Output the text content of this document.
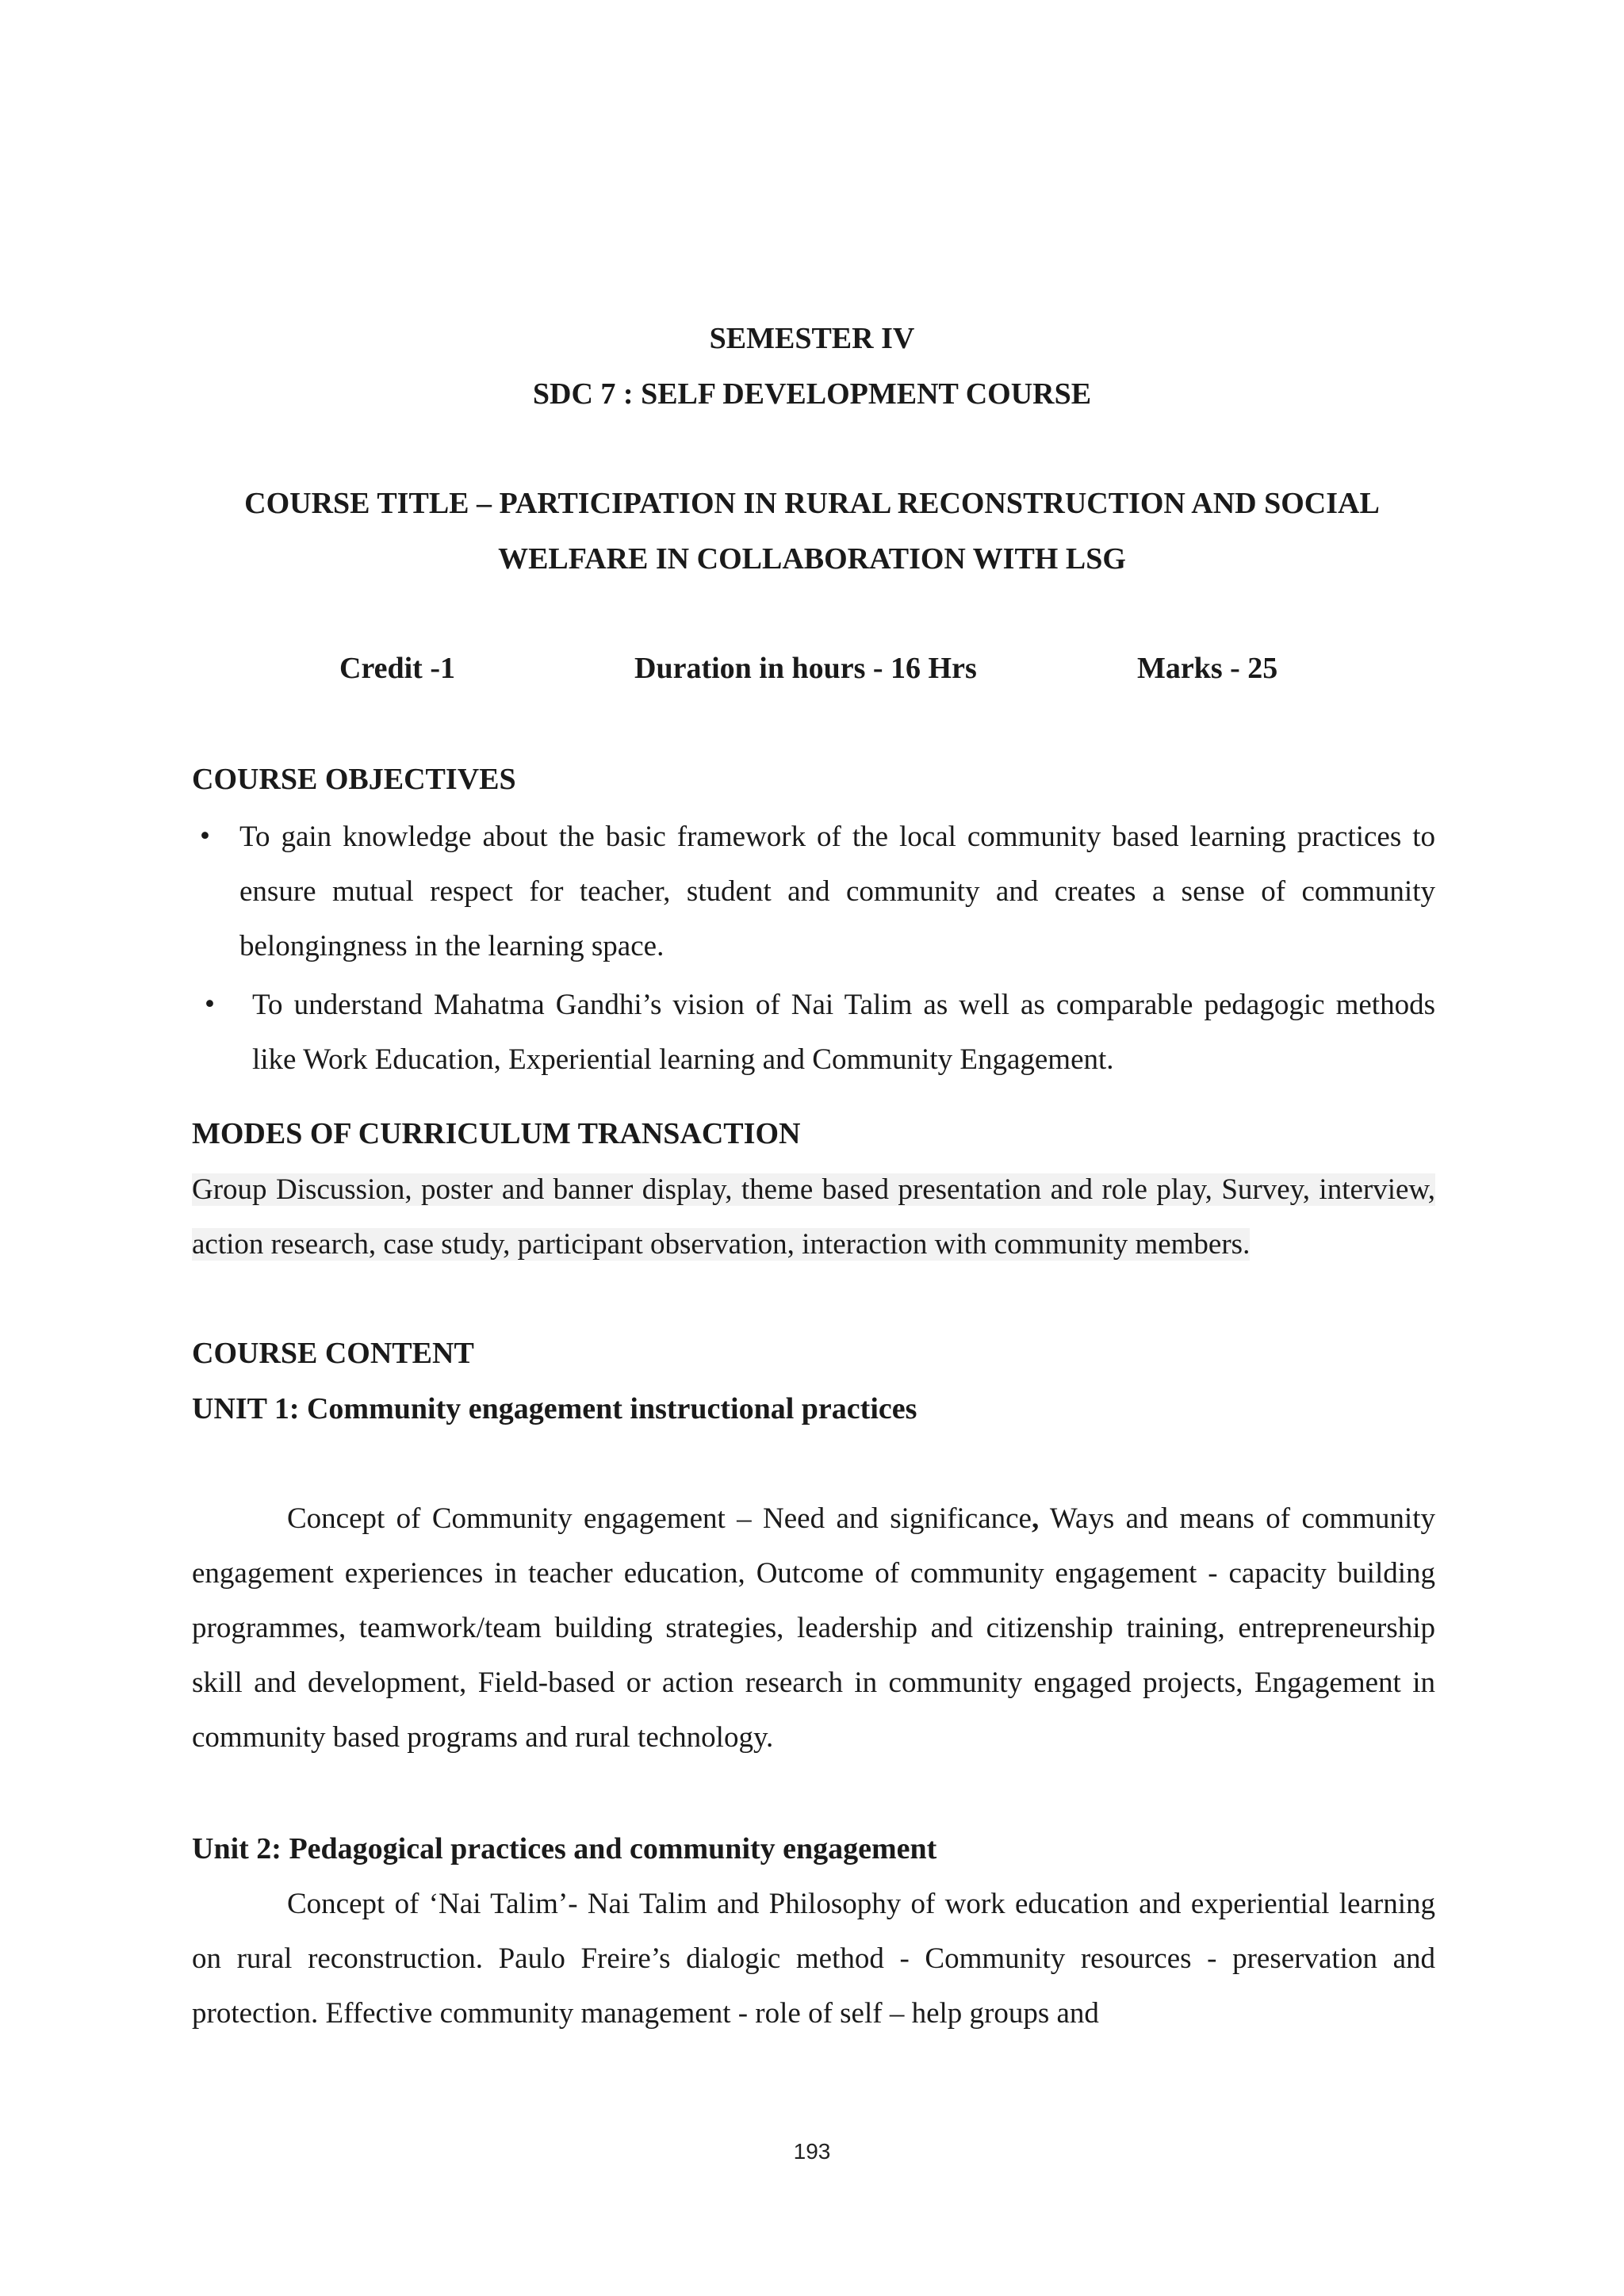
SEMESTER IV
SDC 7 : SELF DEVELOPMENT COURSE
COURSE TITLE – PARTICIPATION IN RURAL RECONSTRUCTION AND SOCIAL
WELFARE IN COLLABORATION WITH LSG
Credit -1	Duration in hours - 16 Hrs	Marks - 25
COURSE OBJECTIVES
• To gain knowledge about the basic framework of the local community based learning practices to ensure mutual respect for teacher, student and community and creates a sense of community belongingness in the learning space.
• To understand Mahatma Gandhi’s vision of Nai Talim as well as comparable pedagogic methods like Work Education, Experiential learning and Community Engagement.
MODES OF CURRICULUM TRANSACTION
Group Discussion, poster and banner display, theme based presentation and role play, Survey, interview, action research, case study, participant observation, interaction with community members.
COURSE CONTENT
UNIT 1: Community engagement instructional practices
Concept of Community engagement – Need and significance, Ways and means of community engagement experiences in teacher education, Outcome of community engagement - capacity building programmes, teamwork/team building strategies, leadership and citizenship training, entrepreneurship skill and development, Field-based or action research in community engaged projects, Engagement in community based programs and rural technology.
Unit 2: Pedagogical practices and community engagement
Concept of ‘Nai Talim’- Nai Talim and Philosophy of work education and experiential learning on rural reconstruction. Paulo Freire’s dialogic method - Community resources - preservation and protection. Effective community management - role of self – help groups and
193
